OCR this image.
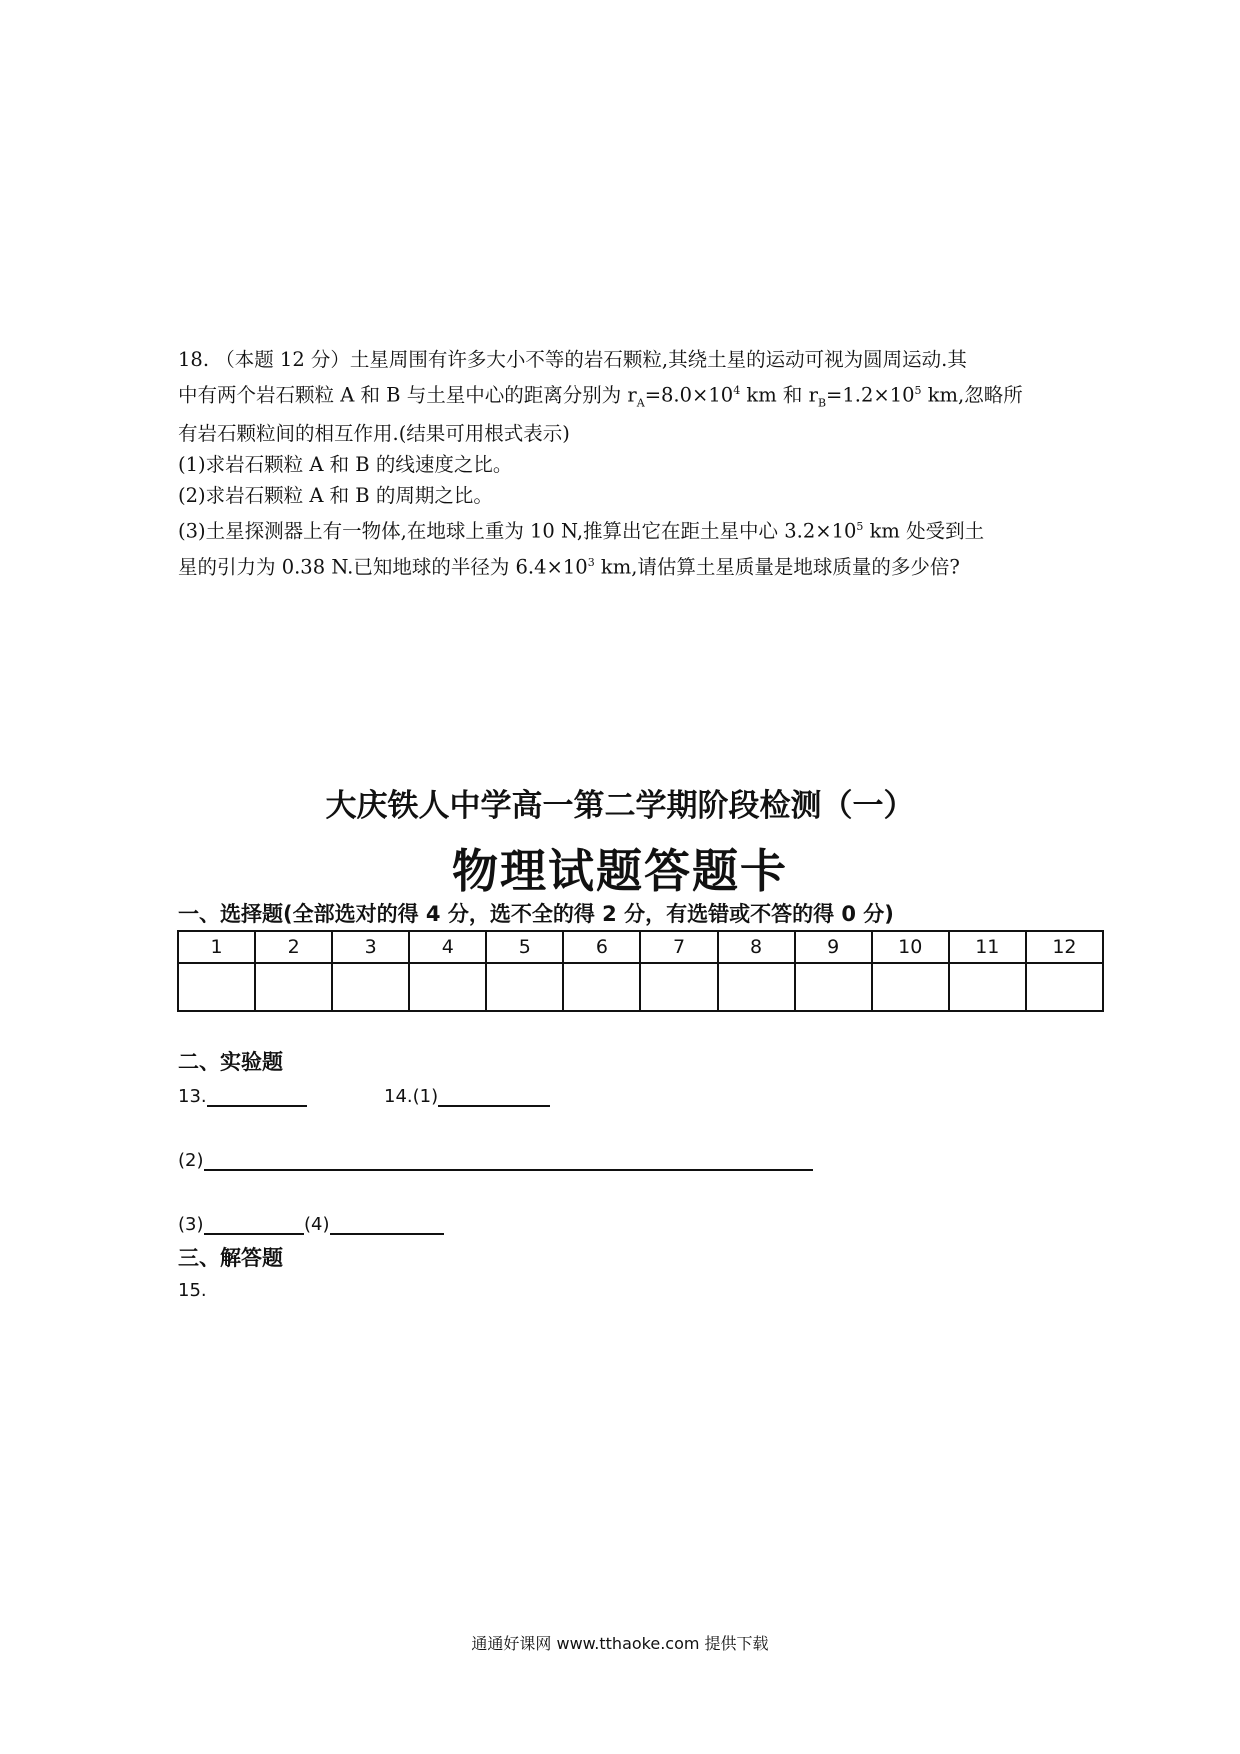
18. （本题 12 分）土星周围有许多大小不等的岩石颗粒,其绕土星的运动可视为圆周运动.其
中有两个岩石颗粒 A 和 B 与土星中心的距离分别为 $r_A=8.0\times 10^4$ km 和 $r_B=1.2\times 10^5$ km,忽略所
有岩石颗粒间的相互作用.(结果可用根式表示)
(1)求岩石颗粒 A 和 B 的线速度之比。
(2)求岩石颗粒 A 和 B 的周期之比。
(3)土星探测器上有一物体,在地球上重为 10 N,推算出它在距土星中心 $3.2\times 10^5$ km 处受到土
星的引力为 0.38 N.已知地球的半径为 $6.4\times 10^3$ km,请估算土星质量是地球质量的多少倍?
大庆铁人中学高一第二学期阶段检测（一）
物理试题答题卡
一、选择题(全部选对的得 4 分，选不全的得 2 分，有选错或不答的得 0 分)
1	2	3	4	5	6	7	8	9	10	11	12

二、实验题
13.	14.(1)
(2)
(3)	(4)
三、解答题
15.
通通好课网 www.tthaoke.com 提供下载
